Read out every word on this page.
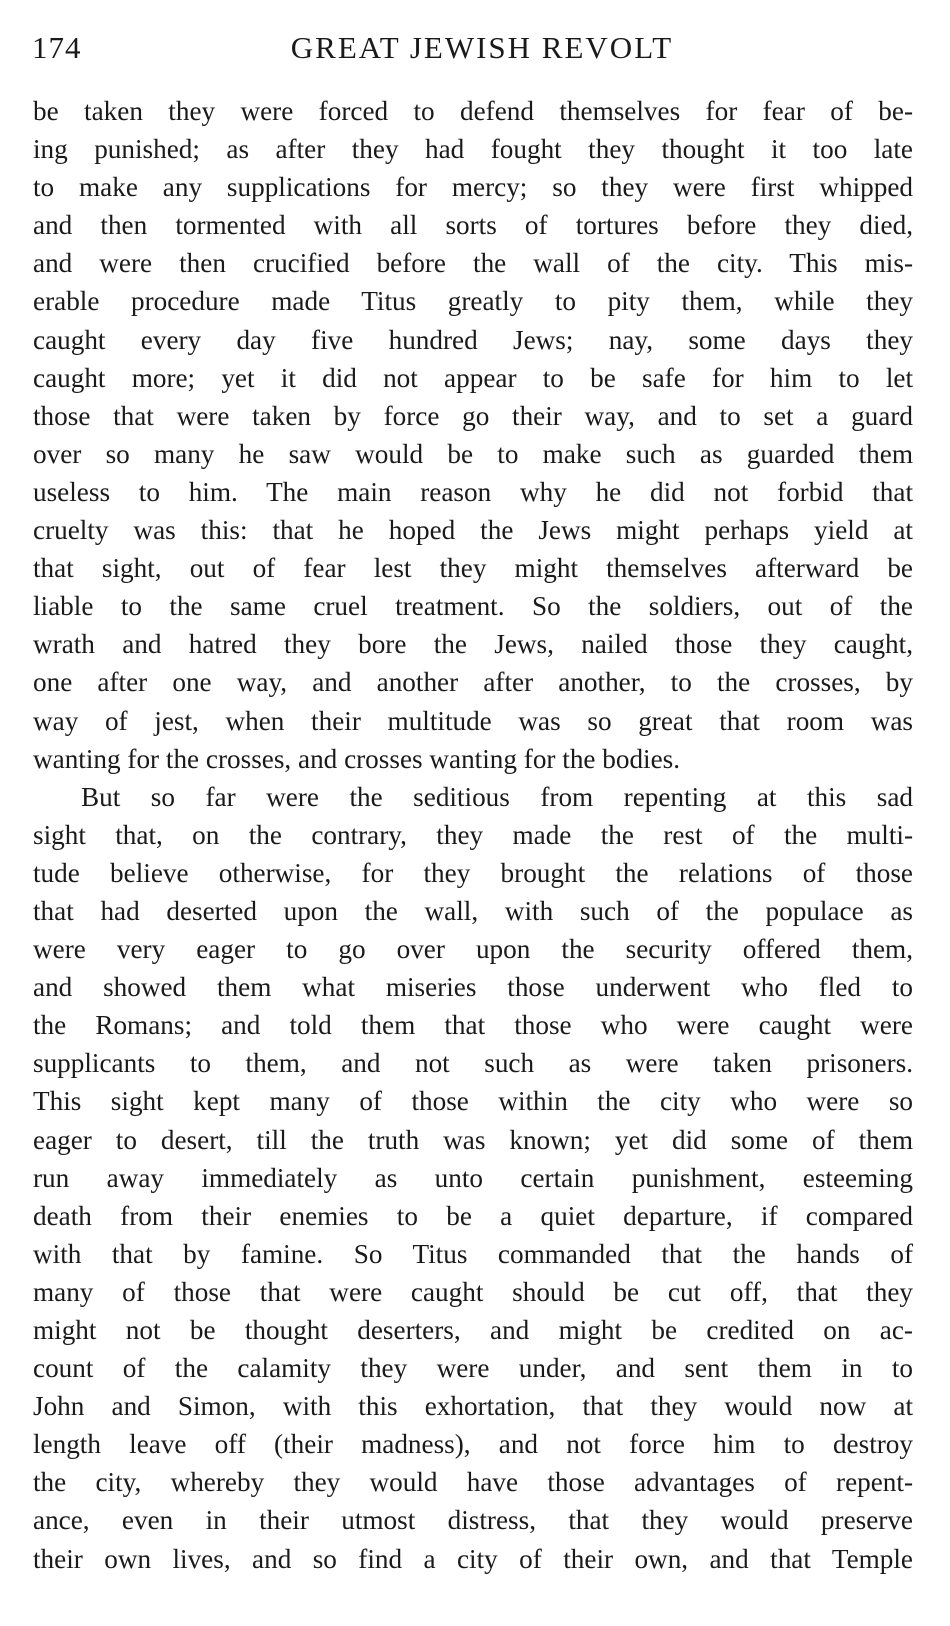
174	GREAT JEWISH REVOLT
be taken they were forced to defend themselves for fear of be-
ing punished; as after they had fought they thought it too late
to make any supplications for mercy; so they were first whipped
and then tormented with all sorts of tortures before they died,
and were then crucified before the wall of the city. This mis-
erable procedure made Titus greatly to pity them, while they
caught every day five hundred Jews; nay, some days they
caught more; yet it did not appear to be safe for him to let
those that were taken by force go their way, and to set a guard
over so many he saw would be to make such as guarded them
useless to him. The main reason why he did not forbid that
cruelty was this: that he hoped the Jews might perhaps yield at
that sight, out of fear lest they might themselves afterward be
liable to the same cruel treatment. So the soldiers, out of the
wrath and hatred they bore the Jews, nailed those they caught,
one after one way, and another after another, to the crosses, by
way of jest, when their multitude was so great that room was
wanting for the crosses, and crosses wanting for the bodies.
But so far were the seditious from repenting at this sad
sight that, on the contrary, they made the rest of the multi-
tude believe otherwise, for they brought the relations of those
that had deserted upon the wall, with such of the populace as
were very eager to go over upon the security offered them,
and showed them what miseries those underwent who fled to
the Romans; and told them that those who were caught were
supplicants to them, and not such as were taken prisoners.
This sight kept many of those within the city who were so
eager to desert, till the truth was known; yet did some of them
run away immediately as unto certain punishment, esteeming
death from their enemies to be a quiet departure, if compared
with that by famine. So Titus commanded that the hands of
many of those that were caught should be cut off, that they
might not be thought deserters, and might be credited on ac-
count of the calamity they were under, and sent them in to
John and Simon, with this exhortation, that they would now at
length leave off (their madness), and not force him to destroy
the city, whereby they would have those advantages of repent-
ance, even in their utmost distress, that they would preserve
their own lives, and so find a city of their own, and that Temple
